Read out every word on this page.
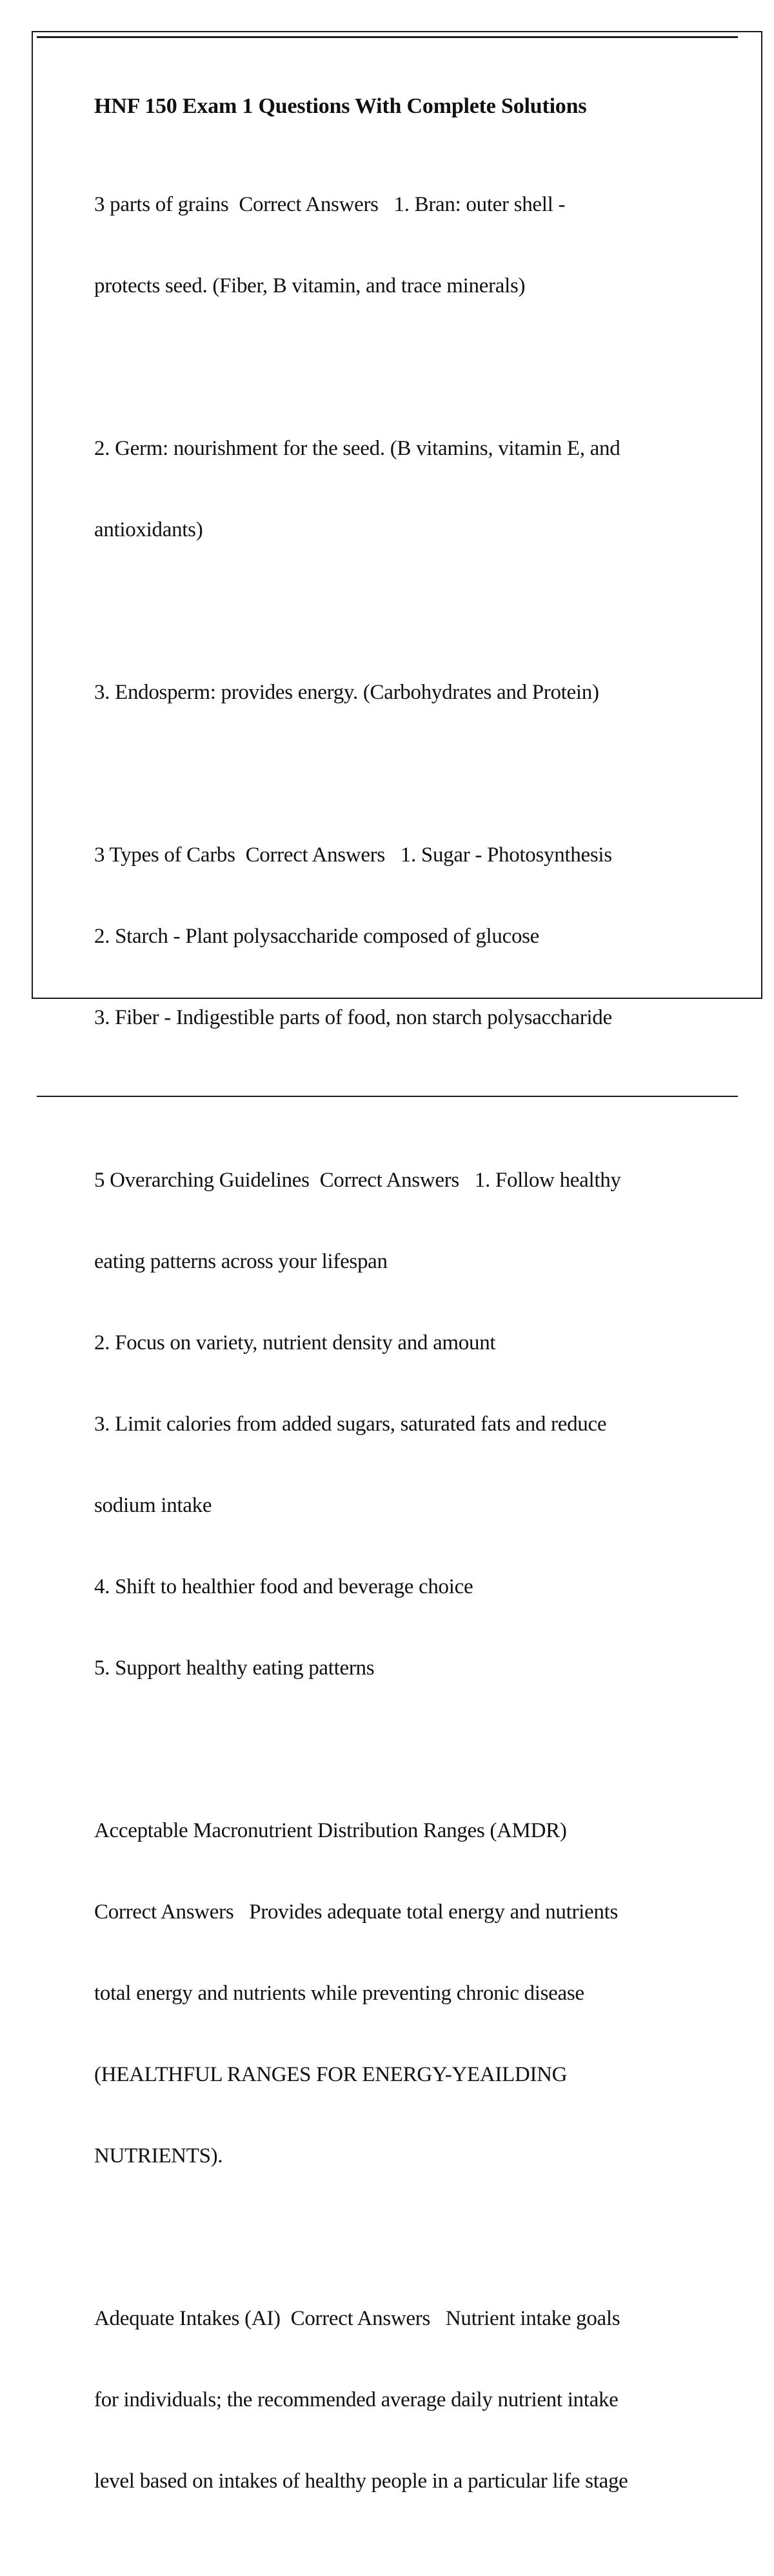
HNF 150 Exam 1 Questions With Complete Solutions

3 parts of grains  Correct Answers   1. Bran: outer shell -

protects seed. (Fiber, B vitamin, and trace minerals)

2. Germ: nourishment for the seed. (B vitamins, vitamin E, and

antioxidants)

3. Endosperm: provides energy. (Carbohydrates and Protein)

3 Types of Carbs  Correct Answers   1. Sugar - Photosynthesis

2. Starch - Plant polysaccharide composed of glucose

3. Fiber - Indigestible parts of food, non starch polysaccharide

5 Overarching Guidelines  Correct Answers   1. Follow healthy

eating patterns across your lifespan

2. Focus on variety, nutrient density and amount

3. Limit calories from added sugars, saturated fats and reduce

sodium intake

4. Shift to healthier food and beverage choice

5. Support healthy eating patterns

Acceptable Macronutrient Distribution Ranges (AMDR)

Correct Answers   Provides adequate total energy and nutrients

total energy and nutrients while preventing chronic disease

(HEALTHFUL RANGES FOR ENERGY-YEAILDING

NUTRIENTS).

Adequate Intakes (AI)  Correct Answers   Nutrient intake goals

for individuals; the recommended average daily nutrient intake

level based on intakes of healthy people in a particular life stage
